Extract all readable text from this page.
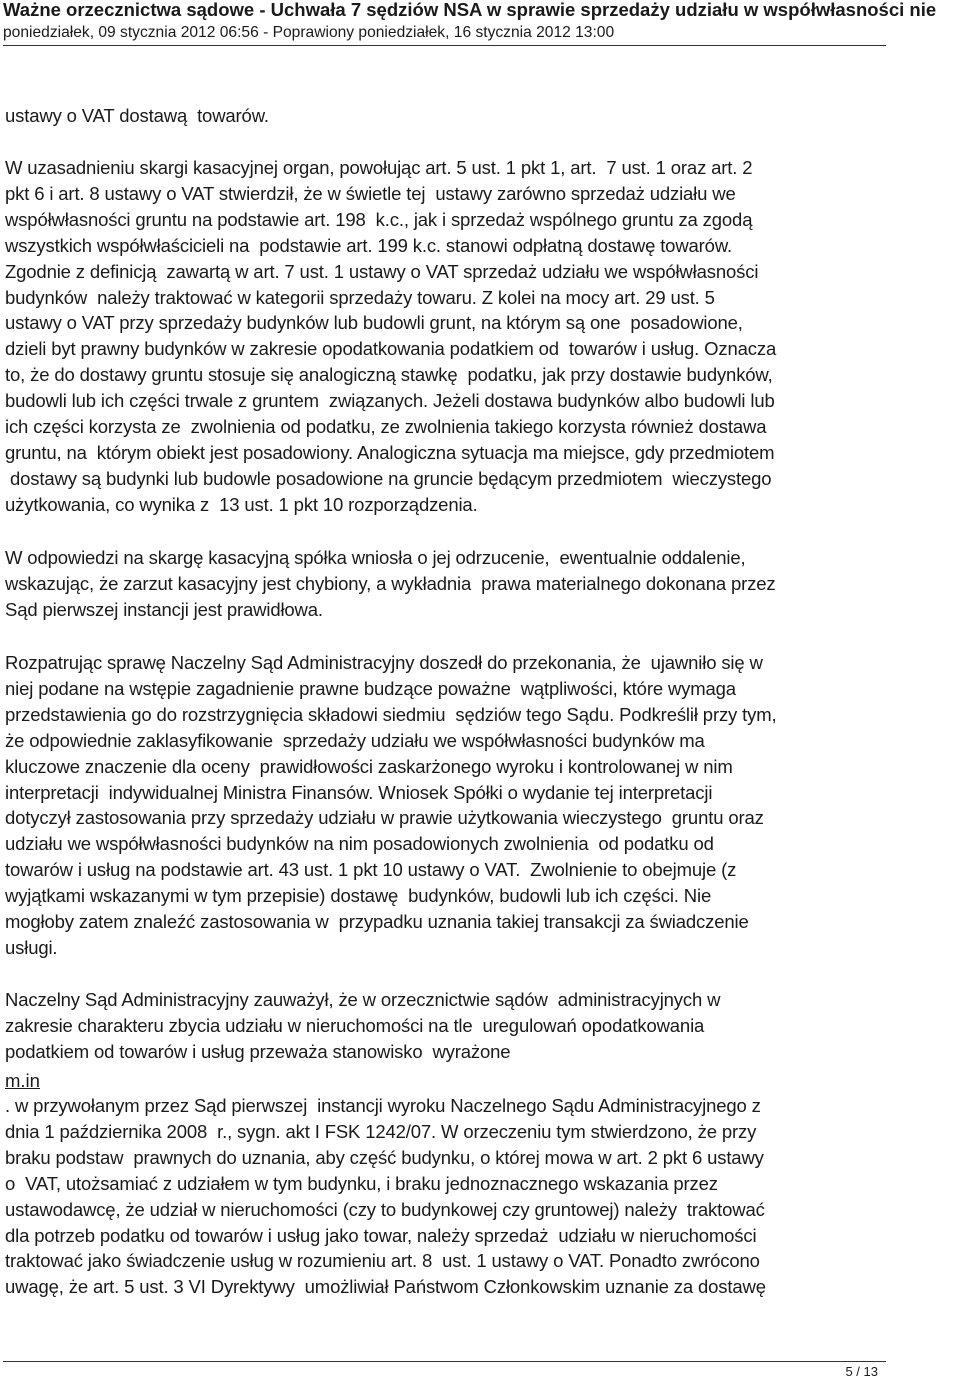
Ważne orzecznictwa sądowe - Uchwała 7 sędziów NSA w sprawie sprzedaży udziału w współwłasności nie
poniedziałek, 09 stycznia 2012 06:56 - Poprawiony poniedziałek, 16 stycznia 2012 13:00
ustawy o VAT dostawą  towarów.
W uzasadnieniu skargi kasacyjnej organ, powołując art. 5 ust. 1 pkt 1, art.  7 ust. 1 oraz art. 2
pkt 6 i art. 8 ustawy o VAT stwierdził, że w świetle tej  ustawy zarówno sprzedaż udziału we
współwłasności gruntu na podstawie art. 198  k.c., jak i sprzedaż wspólnego gruntu za zgodą
wszystkich współwłaścicieli na  podstawie art. 199 k.c. stanowi odpłatną dostawę towarów.
Zgodnie z definicją  zawartą w art. 7 ust. 1 ustawy o VAT sprzedaż udziału we współwłasności
budynków  należy traktować w kategorii sprzedaży towaru. Z kolei na mocy art. 29 ust. 5
ustawy o VAT przy sprzedaży budynków lub budowli grunt, na którym są one  posadowione,
dzieli byt prawny budynków w zakresie opodatkowania podatkiem od  towarów i usług. Oznacza
to, że do dostawy gruntu stosuje się analogiczną stawkę  podatku, jak przy dostawie budynków,
budowli lub ich części trwale z gruntem  związanych. Jeżeli dostawa budynków albo budowli lub
ich części korzysta ze  zwolnienia od podatku, ze zwolnienia takiego korzysta również dostawa
gruntu, na  którym obiekt jest posadowiony. Analogiczna sytuacja ma miejsce, gdy przedmiotem
dostawy są budynki lub budowle posadowione na gruncie będącym przedmiotem  wieczystego
użytkowania, co wynika z  13 ust. 1 pkt 10 rozporządzenia.
W odpowiedzi na skargę kasacyjną spółka wniosła o jej odrzucenie,  ewentualnie oddalenie,
wskazując, że zarzut kasacyjny jest chybiony, a wykładnia  prawa materialnego dokonana przez
Sąd pierwszej instancji jest prawidłowa.
Rozpatrując sprawę Naczelny Sąd Administracyjny doszedł do przekonania, że  ujawniło się w
niej podane na wstępie zagadnienie prawne budzące poważne  wątpliwości, które wymaga
przedstawienia go do rozstrzygnięcia składowi siedmiu  sędziów tego Sądu. Podkreślił przy tym,
że odpowiednie zaklasyfikowanie  sprzedaży udziału we współwłasności budynków ma
kluczowe znaczenie dla oceny  prawidłowości zaskarżonego wyroku i kontrolowanej w nim
interpretacji  indywidualnej Ministra Finansów. Wniosek Spółki o wydanie tej interpretacji
dotyczył zastosowania przy sprzedaży udziału w prawie użytkowania wieczystego  gruntu oraz
udziału we współwłasności budynków na nim posadowionych zwolnienia  od podatku od
towarów i usług na podstawie art. 43 ust. 1 pkt 10 ustawy o VAT.  Zwolnienie to obejmuje (z
wyjątkami wskazanymi w tym przepisie) dostawę  budynków, budowli lub ich części. Nie
mogłoby zatem znaleźć zastosowania w  przypadku uznania takiej transakcji za świadczenie
usługi.
Naczelny Sąd Administracyjny zauważył, że w orzecznictwie sądów  administracyjnych w
zakresie charakteru zbycia udziału w nieruchomości na tle  uregulowań opodatkowania
podatkiem od towarów i usług przeważa stanowisko  wyrażone

m.in

. w przywołanym przez Sąd pierwszej  instancji wyroku Naczelnego Sądu Administracyjnego z
dnia 1 października 2008  r., sygn. akt I FSK 1242/07. W orzeczeniu tym stwierdzono, że przy
braku podstaw  prawnych do uznania, aby część budynku, o której mowa w art. 2 pkt 6 ustawy
o  VAT, utożsamiać z udziałem w tym budynku, i braku jednoznacznego wskazania przez
ustawodawcę, że udział w nieruchomości (czy to budynkowej czy gruntowej) należy  traktować
dla potrzeb podatku od towarów i usług jako towar, należy sprzedaż  udziału w nieruchomości
traktować jako świadczenie usług w rozumieniu art. 8  ust. 1 ustawy o VAT. Ponadto zwrócono
uwagę, że art. 5 ust. 3 VI Dyrektywy  umożliwiał Państwom Członkowskim uznanie za dostawę
5 / 13
